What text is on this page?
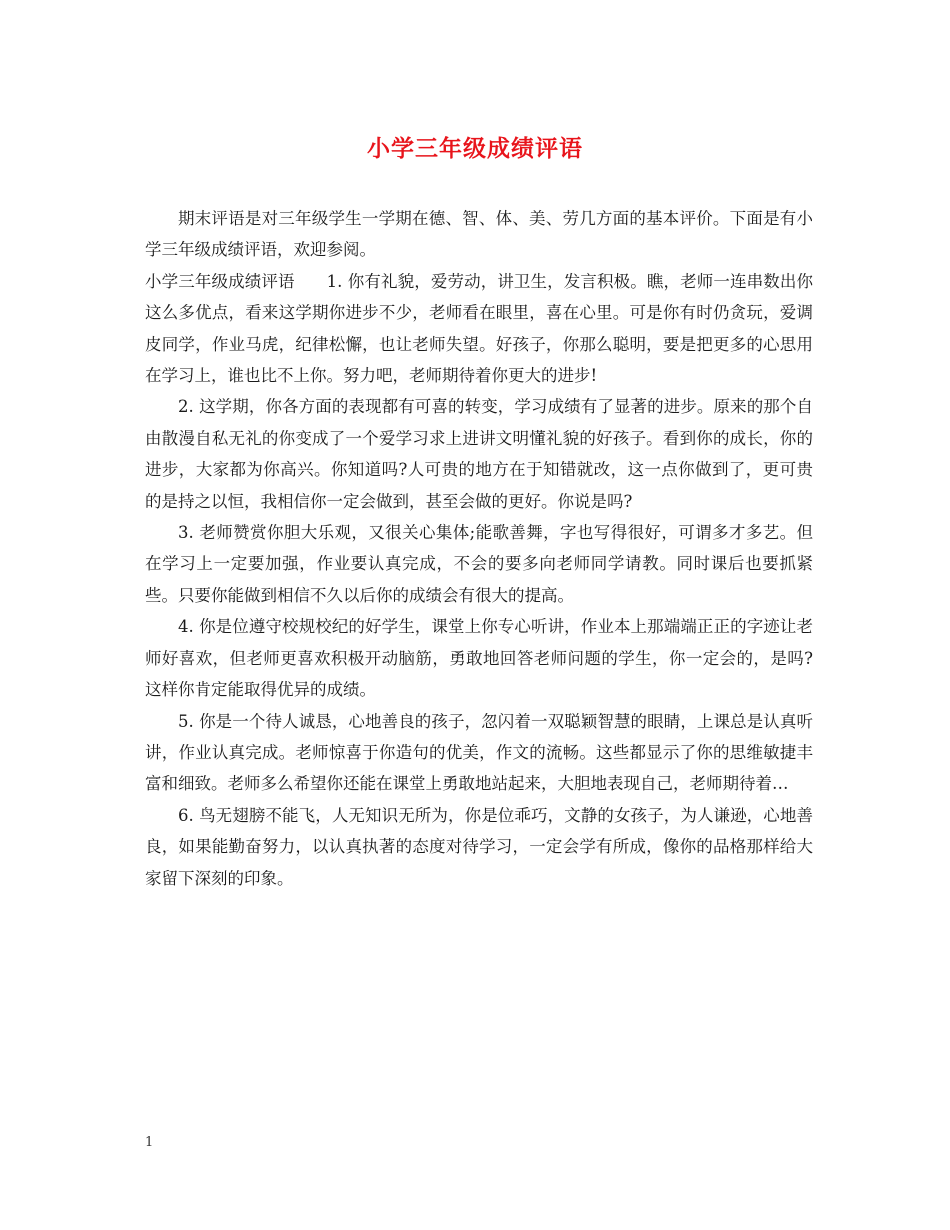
小学三年级成绩评语

期末评语是对三年级学生一学期在德、智、体、美、劳几方面的基本评价。下面是有小学三年级成绩评语，欢迎参阅。

小学三年级成绩评语 1. 你有礼貌，爱劳动，讲卫生，发言积极。瞧，老师一连串数出你这么多优点，看来这学期你进步不少，老师看在眼里，喜在心里。可是你有时仍贪玩，爱调皮同学，作业马虎，纪律松懈，也让老师失望。好孩子，你那么聪明，要是把更多的心思用在学习上，谁也比不上你。努力吧，老师期待着你更大的进步!

2. 这学期，你各方面的表现都有可喜的转变，学习成绩有了显著的进步。原来的那个自由散漫自私无礼的你变成了一个爱学习求上进讲文明懂礼貌的好孩子。看到你的成长，你的进步，大家都为你高兴。你知道吗?人可贵的地方在于知错就改，这一点你做到了，更可贵的是持之以恒，我相信你一定会做到，甚至会做的更好。你说是吗?

3. 老师赞赏你胆大乐观，又很关心集体;能歌善舞，字也写得很好，可谓多才多艺。但在学习上一定要加强，作业要认真完成，不会的要多向老师同学请教。同时课后也要抓紧些。只要你能做到相信不久以后你的成绩会有很大的提高。

4. 你是位遵守校规校纪的好学生，课堂上你专心听讲，作业本上那端端正正的字迹让老师好喜欢，但老师更喜欢积极开动脑筋，勇敢地回答老师问题的学生，你一定会的，是吗?这样你肯定能取得优异的成绩。

5. 你是一个待人诚恳，心地善良的孩子，忽闪着一双聪颖智慧的眼睛，上课总是认真听讲，作业认真完成。老师惊喜于你造句的优美，作文的流畅。这些都显示了你的思维敏捷丰富和细致。老师多么希望你还能在课堂上勇敢地站起来，大胆地表现自己，老师期待着…

6. 鸟无翅膀不能飞，人无知识无所为，你是位乖巧，文静的女孩子，为人谦逊，心地善良，如果能勤奋努力，以认真执著的态度对待学习，一定会学有所成，像你的品格那样给大家留下深刻的印象。

1
